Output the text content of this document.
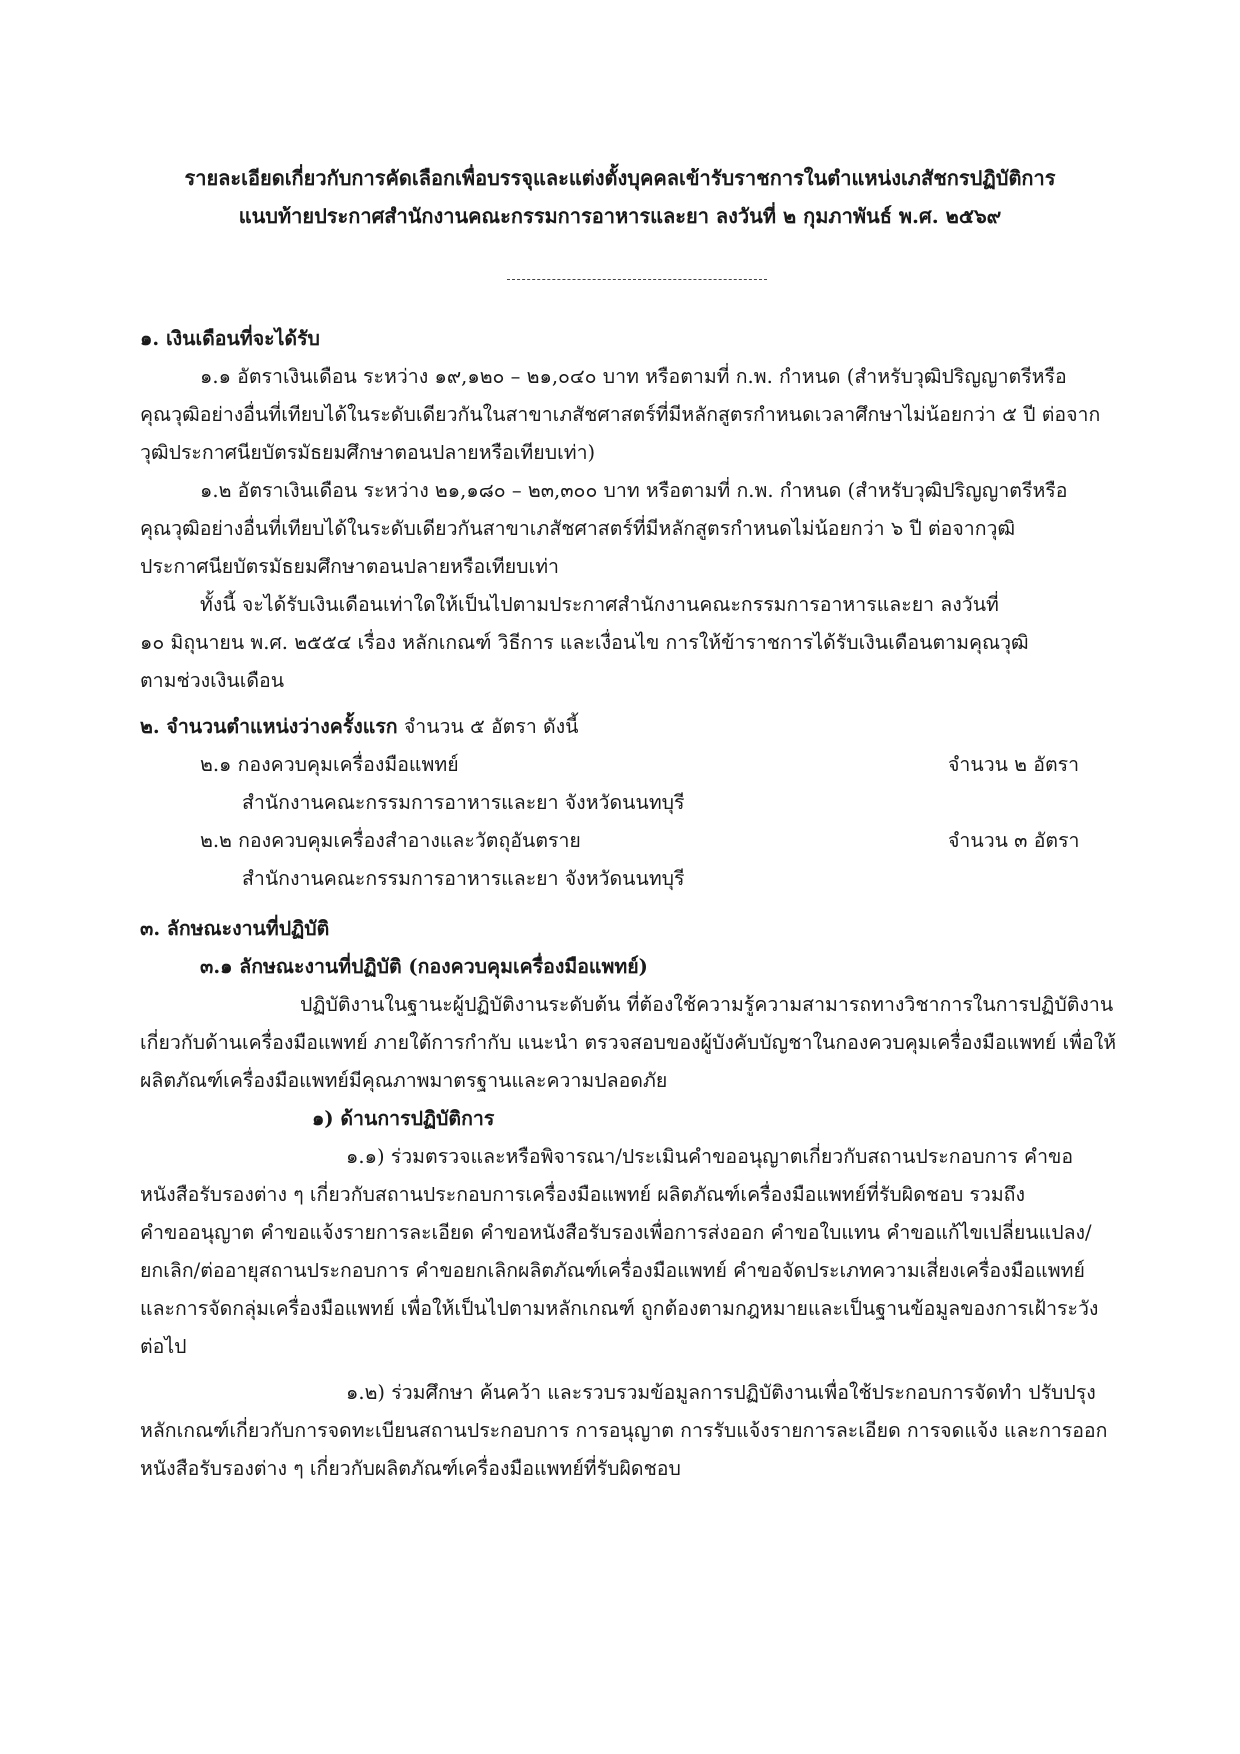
รายละเอียดเกี่ยวกับการคัดเลือกเพื่อบรรจุและแต่งตั้งบุคคลเข้ารับราชการในตำแหน่งเภสัชกรปฏิบัติการ
แนบท้ายประกาศสำนักงานคณะกรรมการอาหารและยา ลงวันที่ ๒ กุมภาพันธ์ พ.ศ. ๒๕๖๙
๑. เงินเดือนที่จะได้รับ
๑.๑ อัตราเงินเดือน ระหว่าง ๑๙,๑๒๐ – ๒๑,๐๔๐ บาท หรือตามที่ ก.พ. กำหนด (สำหรับวุฒิปริญญาตรีหรือ
คุณวุฒิอย่างอื่นที่เทียบได้ในระดับเดียวกันในสาขาเภสัชศาสตร์ที่มีหลักสูตรกำหนดเวลาศึกษาไม่น้อยกว่า ๕ ปี ต่อจาก
วุฒิประกาศนียบัตรมัธยมศึกษาตอนปลายหรือเทียบเท่า)
๑.๒ อัตราเงินเดือน ระหว่าง ๒๑,๑๘๐ – ๒๓,๓๐๐ บาท หรือตามที่ ก.พ. กำหนด (สำหรับวุฒิปริญญาตรีหรือ
คุณวุฒิอย่างอื่นที่เทียบได้ในระดับเดียวกันสาขาเภสัชศาสตร์ที่มีหลักสูตรกำหนดไม่น้อยกว่า ๖ ปี ต่อจากวุฒิ
ประกาศนียบัตรมัธยมศึกษาตอนปลายหรือเทียบเท่า
ทั้งนี้ จะได้รับเงินเดือนเท่าใดให้เป็นไปตามประกาศสำนักงานคณะกรรมการอาหารและยา ลงวันที่
๑๐ มิถุนายน พ.ศ. ๒๕๕๔ เรื่อง หลักเกณฑ์ วิธีการ และเงื่อนไข การให้ข้าราชการได้รับเงินเดือนตามคุณวุฒิ
ตามช่วงเงินเดือน
๒. จำนวนตำแหน่งว่างครั้งแรก จำนวน ๕ อัตรา ดังนี้
๒.๑ กองควบคุมเครื่องมือแพทย์	จำนวน ๒ อัตรา
สำนักงานคณะกรรมการอาหารและยา จังหวัดนนทบุรี
๒.๒ กองควบคุมเครื่องสำอางและวัตถุอันตราย	จำนวน ๓ อัตรา
สำนักงานคณะกรรมการอาหารและยา จังหวัดนนทบุรี
๓. ลักษณะงานที่ปฏิบัติ
๓.๑ ลักษณะงานที่ปฏิบัติ (กองควบคุมเครื่องมือแพทย์)
ปฏิบัติงานในฐานะผู้ปฏิบัติงานระดับต้น ที่ต้องใช้ความรู้ความสามารถทางวิชาการในการปฏิบัติงาน
เกี่ยวกับด้านเครื่องมือแพทย์ ภายใต้การกำกับ แนะนำ ตรวจสอบของผู้บังคับบัญชาในกองควบคุมเครื่องมือแพทย์ เพื่อให้
ผลิตภัณฑ์เครื่องมือแพทย์มีคุณภาพมาตรฐานและความปลอดภัย
๑) ด้านการปฏิบัติการ
๑.๑) ร่วมตรวจและหรือพิจารณา/ประเมินคำขออนุญาตเกี่ยวกับสถานประกอบการ คำขอ
หนังสือรับรองต่าง ๆ เกี่ยวกับสถานประกอบการเครื่องมือแพทย์ ผลิตภัณฑ์เครื่องมือแพทย์ที่รับผิดชอบ รวมถึง
คำขออนุญาต คำขอแจ้งรายการละเอียด คำขอหนังสือรับรองเพื่อการส่งออก คำขอใบแทน คำขอแก้ไขเปลี่ยนแปลง/
ยกเลิก/ต่ออายุสถานประกอบการ คำขอยกเลิกผลิตภัณฑ์เครื่องมือแพทย์ คำขอจัดประเภทความเสี่ยงเครื่องมือแพทย์
และการจัดกลุ่มเครื่องมือแพทย์ เพื่อให้เป็นไปตามหลักเกณฑ์ ถูกต้องตามกฎหมายและเป็นฐานข้อมูลของการเฝ้าระวัง
ต่อไป
๑.๒) ร่วมศึกษา ค้นคว้า และรวบรวมข้อมูลการปฏิบัติงานเพื่อใช้ประกอบการจัดทำ ปรับปรุง
หลักเกณฑ์เกี่ยวกับการจดทะเบียนสถานประกอบการ การอนุญาต การรับแจ้งรายการละเอียด การจดแจ้ง และการออก
หนังสือรับรองต่าง ๆ เกี่ยวกับผลิตภัณฑ์เครื่องมือแพทย์ที่รับผิดชอบ
